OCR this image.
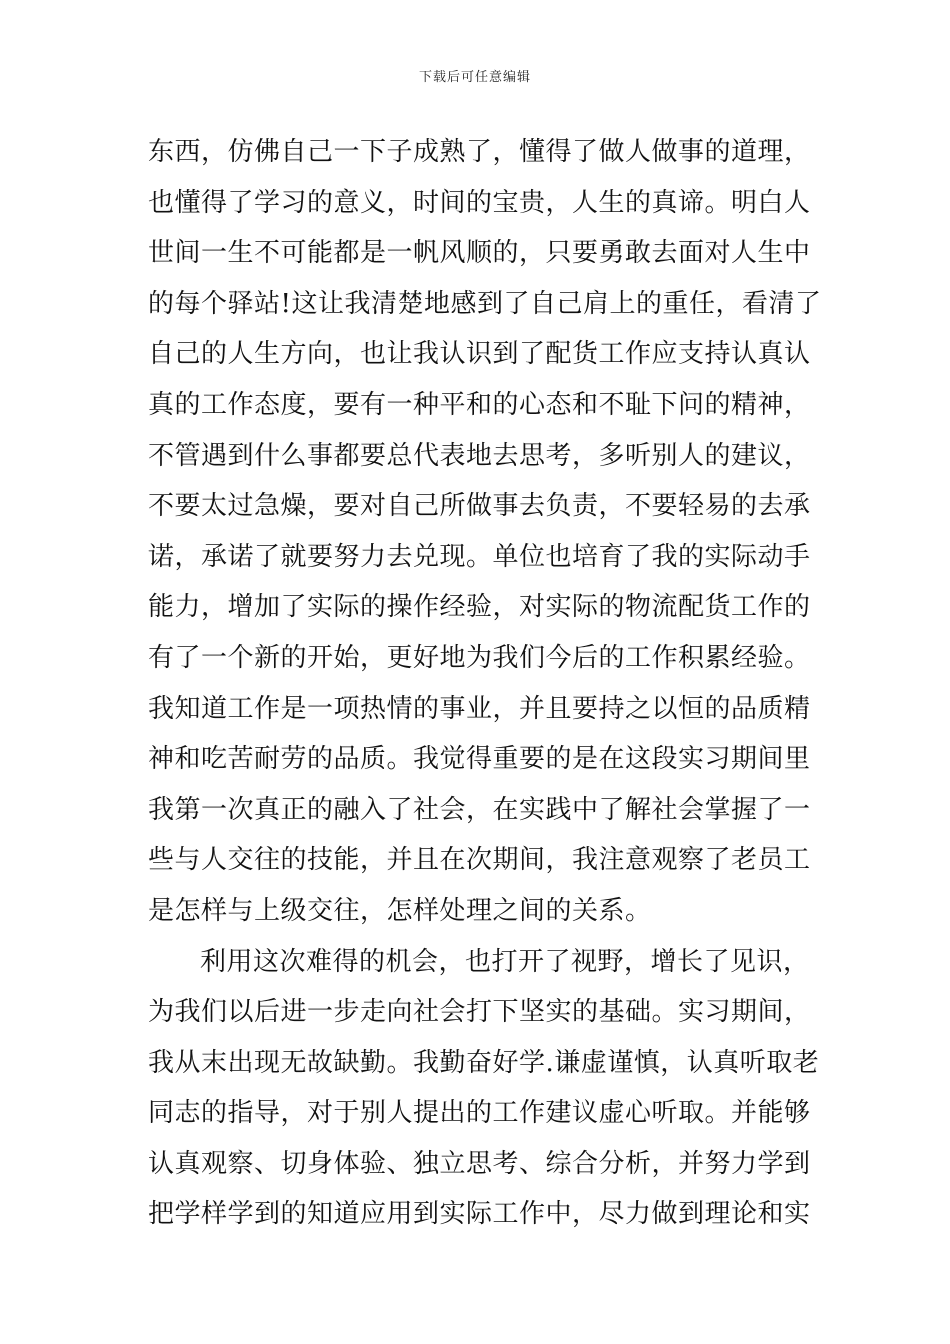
下载后可任意编辑
东西，仿佛自己一下子成熟了，懂得了做人做事的道理，
也懂得了学习的意义，时间的宝贵，人生的真谛。明白人
世间一生不可能都是一帆风顺的，只要勇敢去面对人生中
的每个驿站!这让我清楚地感到了自己肩上的重任，看清了
自己的人生方向，也让我认识到了配货工作应支持认真认
真的工作态度，要有一种平和的心态和不耻下问的精神，
不管遇到什么事都要总代表地去思考，多听别人的建议，
不要太过急燥，要对自己所做事去负责，不要轻易的去承
诺，承诺了就要努力去兑现。单位也培育了我的实际动手
能力，增加了实际的操作经验，对实际的物流配货工作的
有了一个新的开始，更好地为我们今后的工作积累经验。
我知道工作是一项热情的事业，并且要持之以恒的品质精
神和吃苦耐劳的品质。我觉得重要的是在这段实习期间里
我第一次真正的融入了社会，在实践中了解社会掌握了一
些与人交往的技能，并且在次期间，我注意观察了老员工
是怎样与上级交往，怎样处理之间的关系。
利用这次难得的机会，也打开了视野，增长了见识，
为我们以后进一步走向社会打下坚实的基础。实习期间，
我从末出现无故缺勤。我勤奋好学.谦虚谨慎，认真听取老
同志的指导，对于别人提出的工作建议虚心听取。并能够
认真观察、切身体验、独立思考、综合分析，并努力学到
把学样学到的知道应用到实际工作中，尽力做到理论和实
